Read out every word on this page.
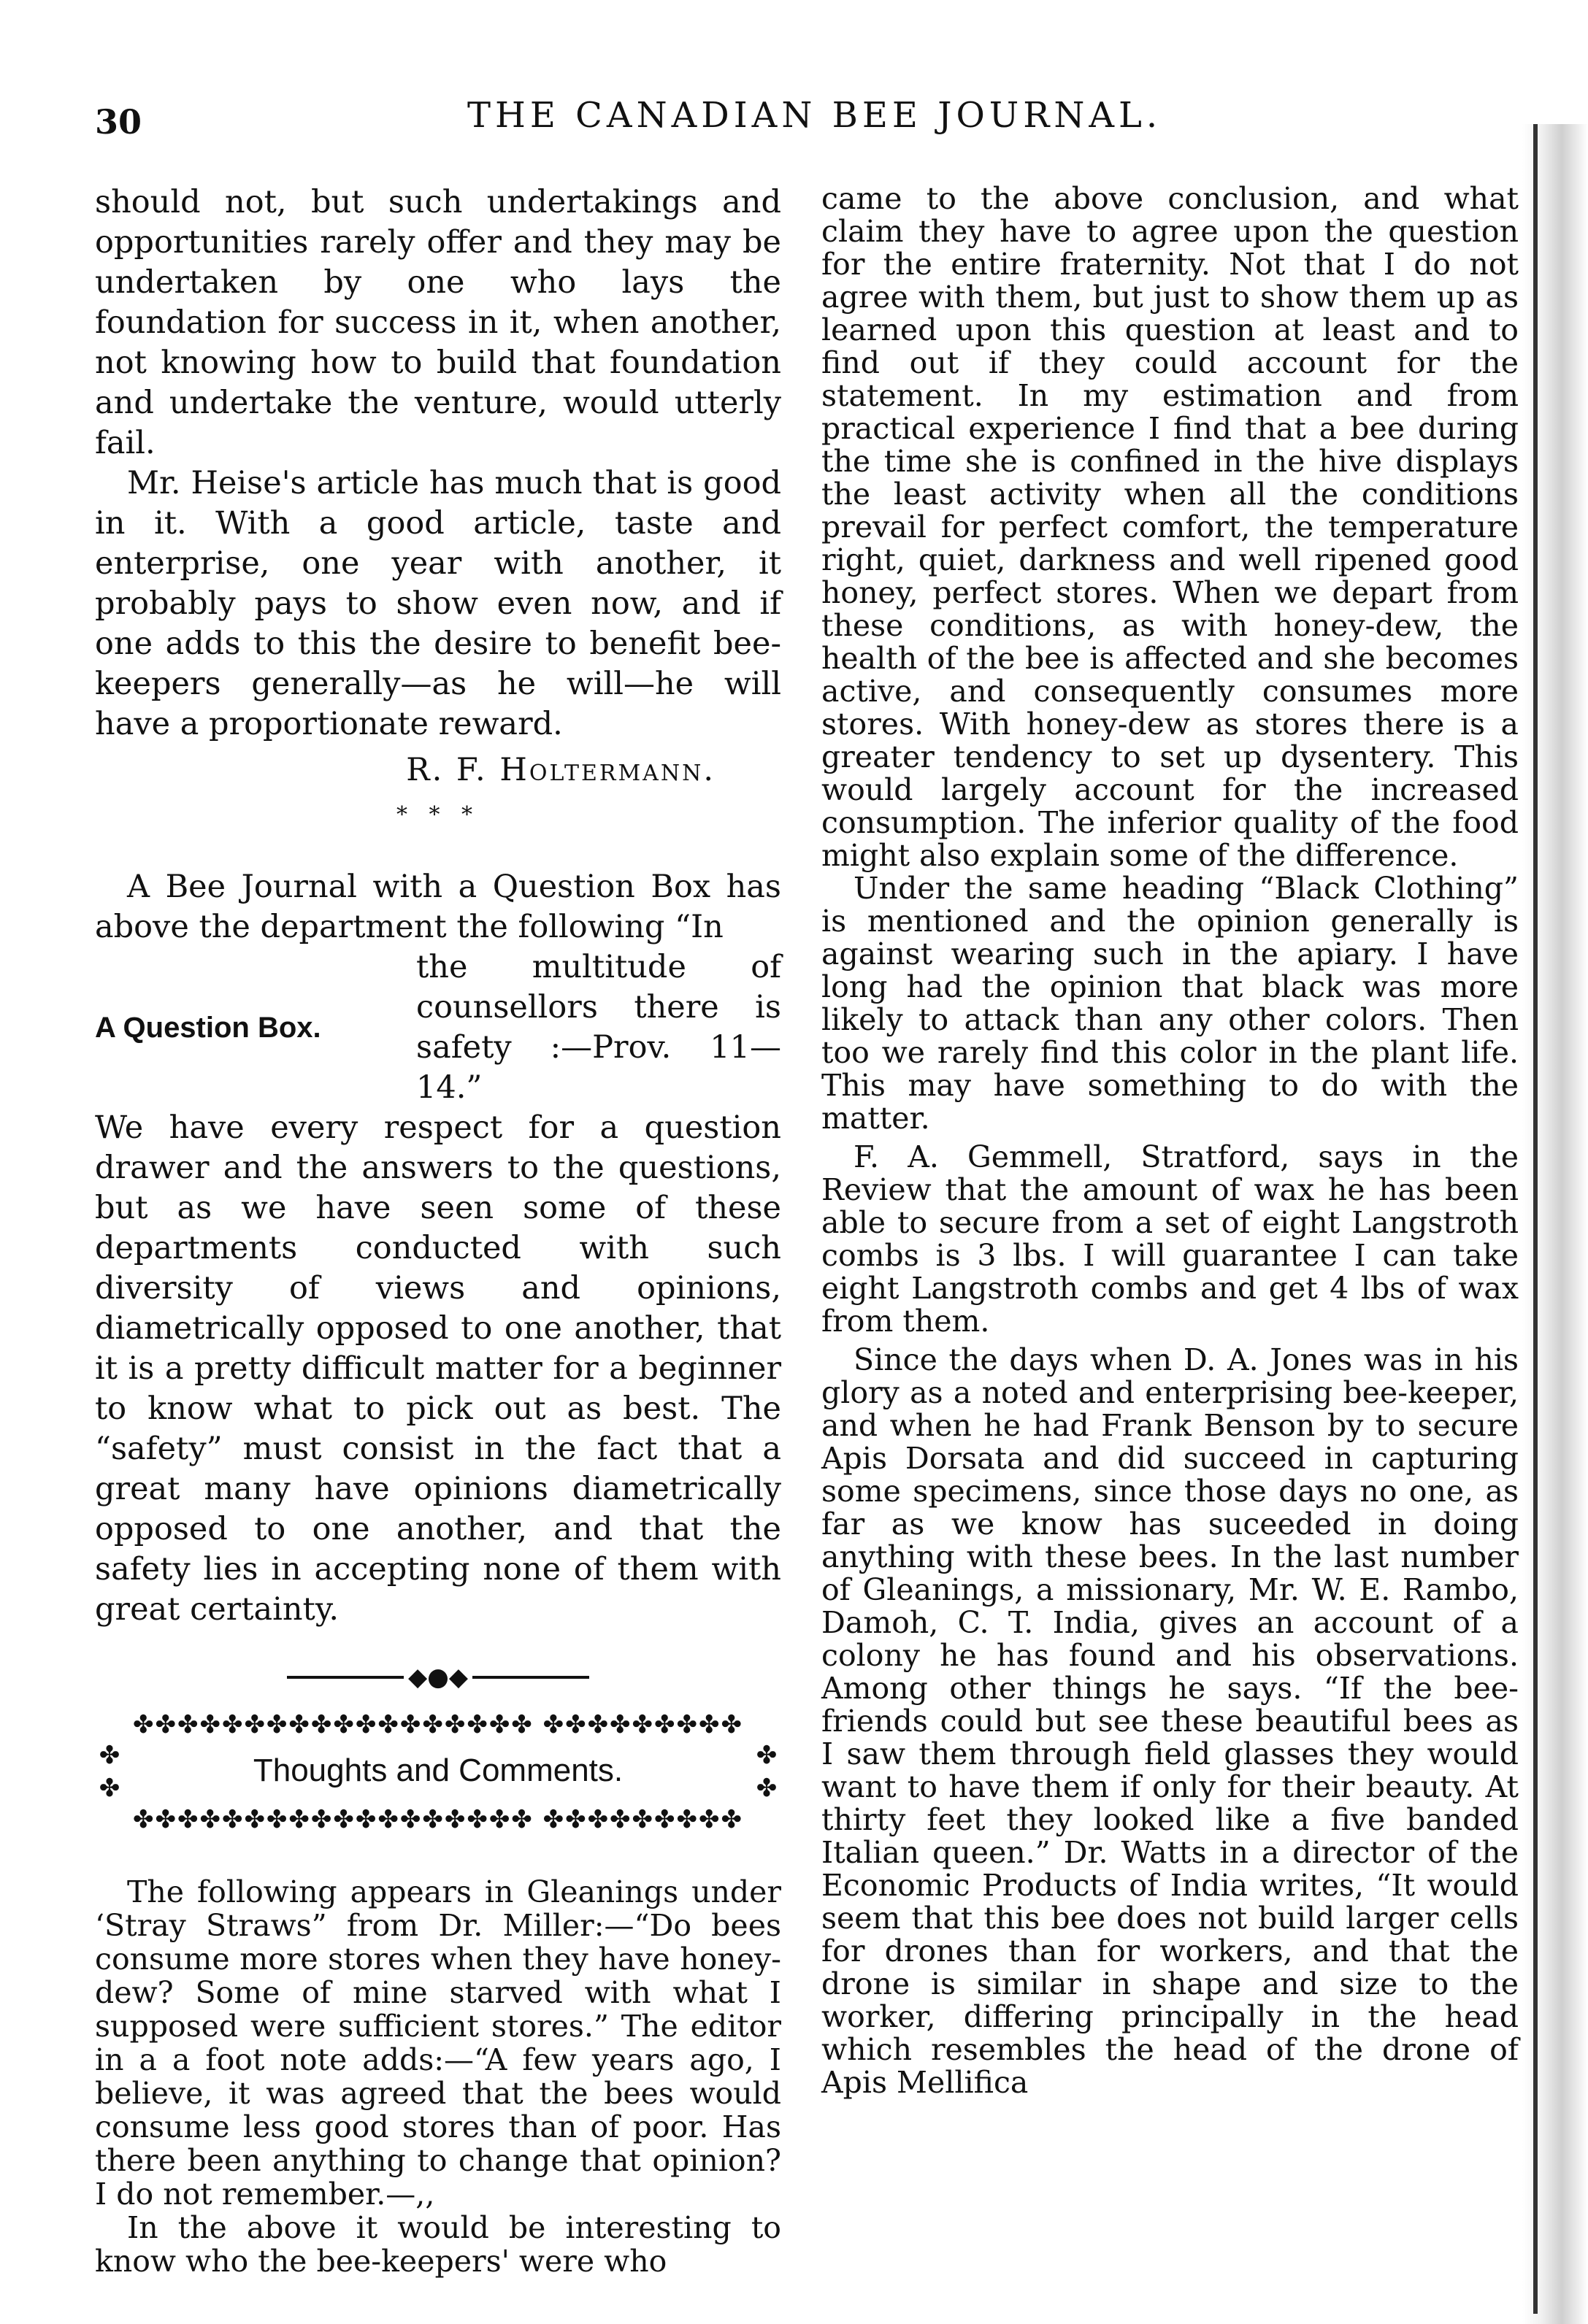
30	THE CANADIAN BEE JOURNAL.

should not, but such undertakings and opportunities rarely offer and they may be undertaken by one who lays the foundation for success in it, when another, not knowing how to build that foundation and undertake the venture, would utterly fail.

Mr. Heise's article has much that is good in it. With a good article, taste and enterprise, one year with another, it probably pays to show even now, and if one adds to this the desire to benefit bee-keepers generally—as he will—he will have a proportionate reward.

R. F. Holtermann.
* * *

A Bee Journal with a Question Box has above the department the following “In

A Question Box.
the multitude of counsellors there is safety :—Prov. 11—14.”

We have every respect for a question drawer and the answers to the questions, but as we have seen some of these departments conducted with such diversity of views and opinions, diametrically opposed to one another, that it is a pretty difficult matter for a beginner to know what to pick out as best. The “safety” must consist in the fact that a great many have opinions diametrically opposed to one another, and that the safety lies in accepting none of them with great certainty.

◆●◆
✤✤✤✤✤✤✤✤✤✤✤✤✤✤✤✤✤✤ ✤✤✤✤✤✤✤✤✤
✤
✤	Thoughts and Comments.	✤
✤
✤✤✤✤✤✤✤✤✤✤✤✤✤✤✤✤✤✤ ✤✤✤✤✤✤✤✤✤

The following appears in Gleanings under ‘Stray Straws” from Dr. Miller:—“Do bees consume more stores when they have honey-dew? Some of mine starved with what I supposed were sufficient stores.” The editor in a a foot note adds:—“A few years ago, I believe, it was agreed that the bees would consume less good stores than of poor. Has there been anything to change that opinion? I do not remember.—,,

In the above it would be interesting to know who the bee-keepers' were who

came to the above conclusion, and what claim they have to agree upon the question for the entire fraternity. Not that I do not agree with them, but just to show them up as learned upon this question at least and to find out if they could account for the statement. In my estimation and from practical experience I find that a bee during the time she is confined in the hive displays the least activity when all the conditions prevail for perfect comfort, the temperature right, quiet, darkness and well ripened good honey, perfect stores. When we depart from these conditions, as with honey-dew, the health of the bee is affected and she becomes active, and consequently consumes more stores. With honey-dew as stores there is a greater tendency to set up dysentery. This would largely account for the increased consumption. The inferior quality of the food might also explain some of the difference.

Under the same heading “Black Clothing” is mentioned and the opinion generally is against wearing such in the apiary. I have long had the opinion that black was more likely to attack than any other colors. Then too we rarely find this color in the plant life. This may have something to do with the matter.

F. A. Gemmell, Stratford, says in the Review that the amount of wax he has been able to secure from a set of eight Langstroth combs is 3 lbs. I will guarantee I can take eight Langstroth combs and get 4 lbs of wax from them.

Since the days when D. A. Jones was in his glory as a noted and enterprising bee-keeper, and when he had Frank Benson by to secure Apis Dorsata and did succeed in capturing some specimens, since those days no one, as far as we know has suceeded in doing anything with these bees. In the last number of Gleanings, a missionary, Mr. W. E. Rambo, Damoh, C. T. India, gives an account of a colony he has found and his observations. Among other things he says. “If the bee-friends could but see these beautiful bees as I saw them through field glasses they would want to have them if only for their beauty. At thirty feet they looked like a five banded Italian queen.” Dr. Watts in a director of the Economic Products of India writes, “It would seem that this bee does not build larger cells for drones than for workers, and that the drone is similar in shape and size to the worker, differing principally in the head which resembles the head of the drone of Apis Mellifica
